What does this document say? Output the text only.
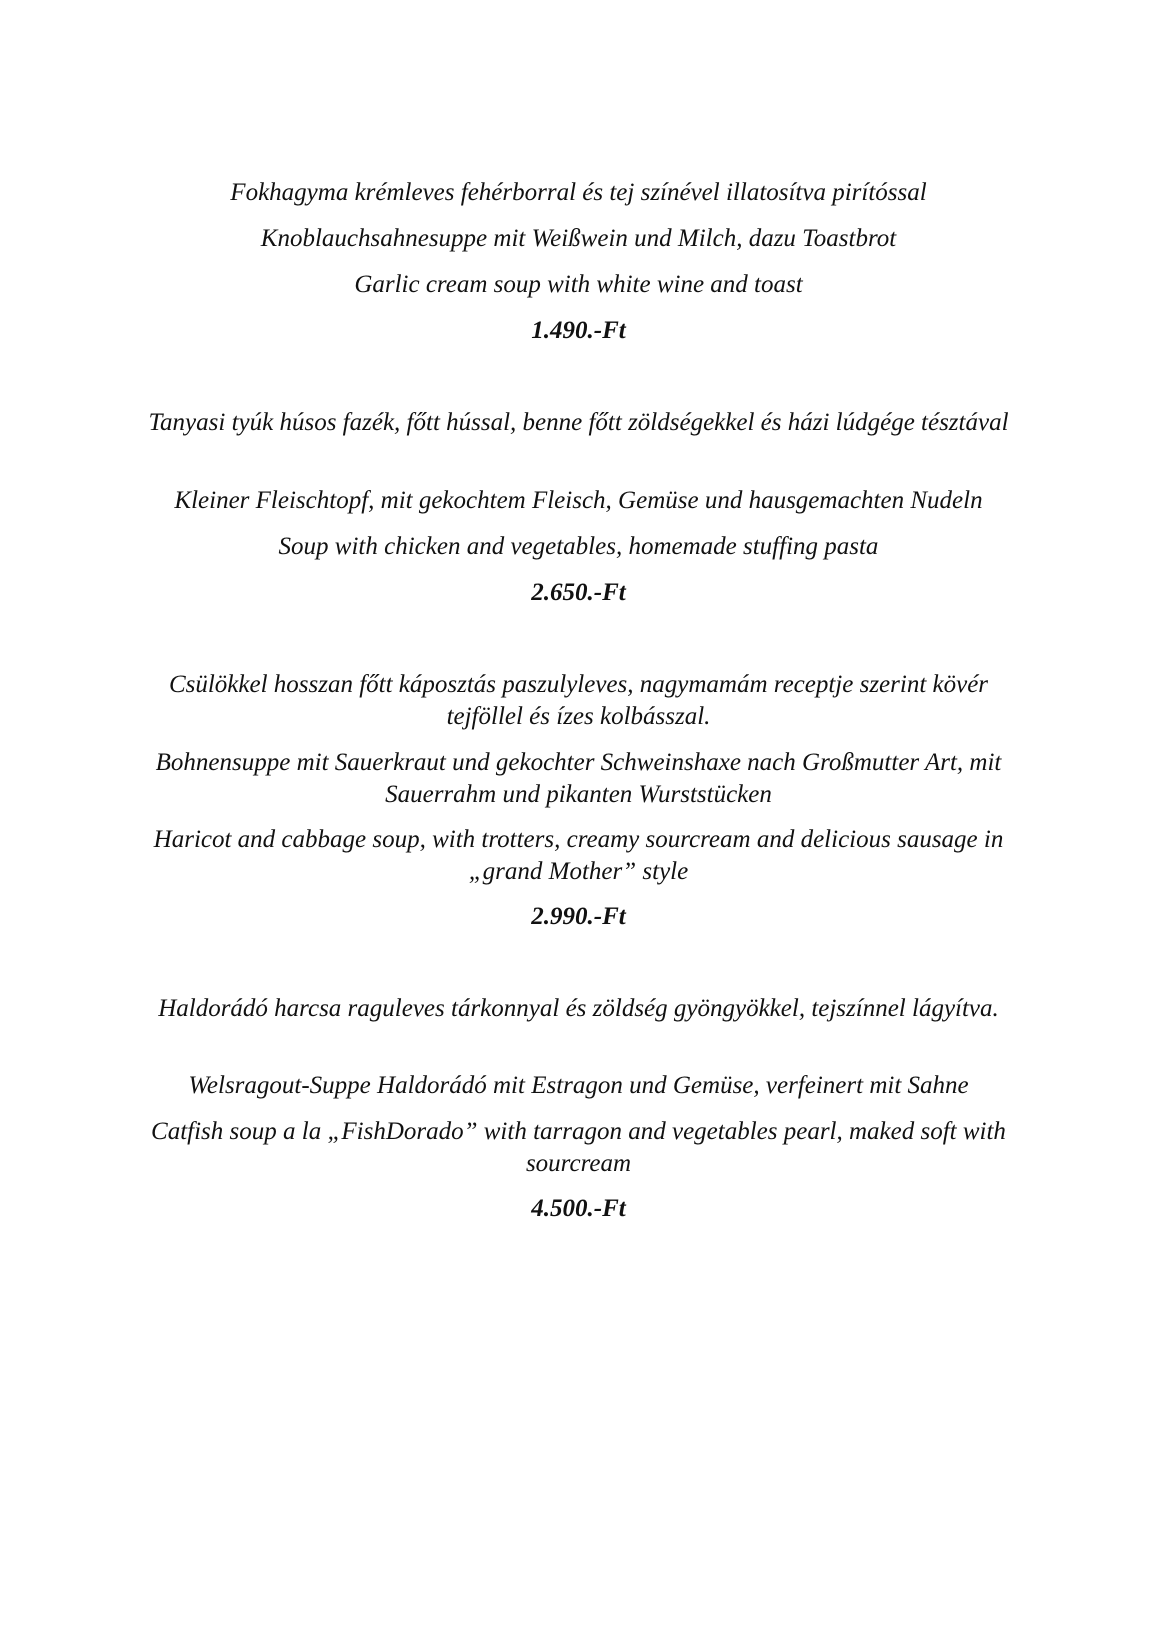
Fokhagyma krémleves fehérborral és tej színével illatosítva pirítóssal

Knoblauchsahnesuppe mit Weißwein und Milch, dazu Toastbrot

Garlic cream soup with white wine and toast

1.490.-Ft

Tanyasi tyúk húsos fazék, főtt hússal, benne főtt zöldségekkel és házi lúdgége tésztával

Kleiner Fleischtopf, mit gekochtem Fleisch, Gemüse und hausgemachten Nudeln

Soup with chicken and vegetables, homemade stuffing pasta

2.650.-Ft

Csülökkel hosszan főtt káposztás paszulyleves, nagymamám receptje szerint kövér tejföllel és ízes kolbásszal.

Bohnensuppe mit Sauerkraut und gekochter Schweinshaxe nach Großmutter Art, mit Sauerrahm und pikanten Wurststücken

Haricot and cabbage soup, with trotters, creamy sourcream and delicious sausage in „grand Mother” style

2.990.-Ft

Haldorádó harcsa raguleves tárkonnyal és zöldség gyöngyökkel, tejszínnel lágyítva.

Welsragout-Suppe Haldorádó mit Estragon und Gemüse, verfeinert mit Sahne

Catfish soup a la „FishDorado” with tarragon and vegetables pearl, maked soft with sourcream

4.500.-Ft
